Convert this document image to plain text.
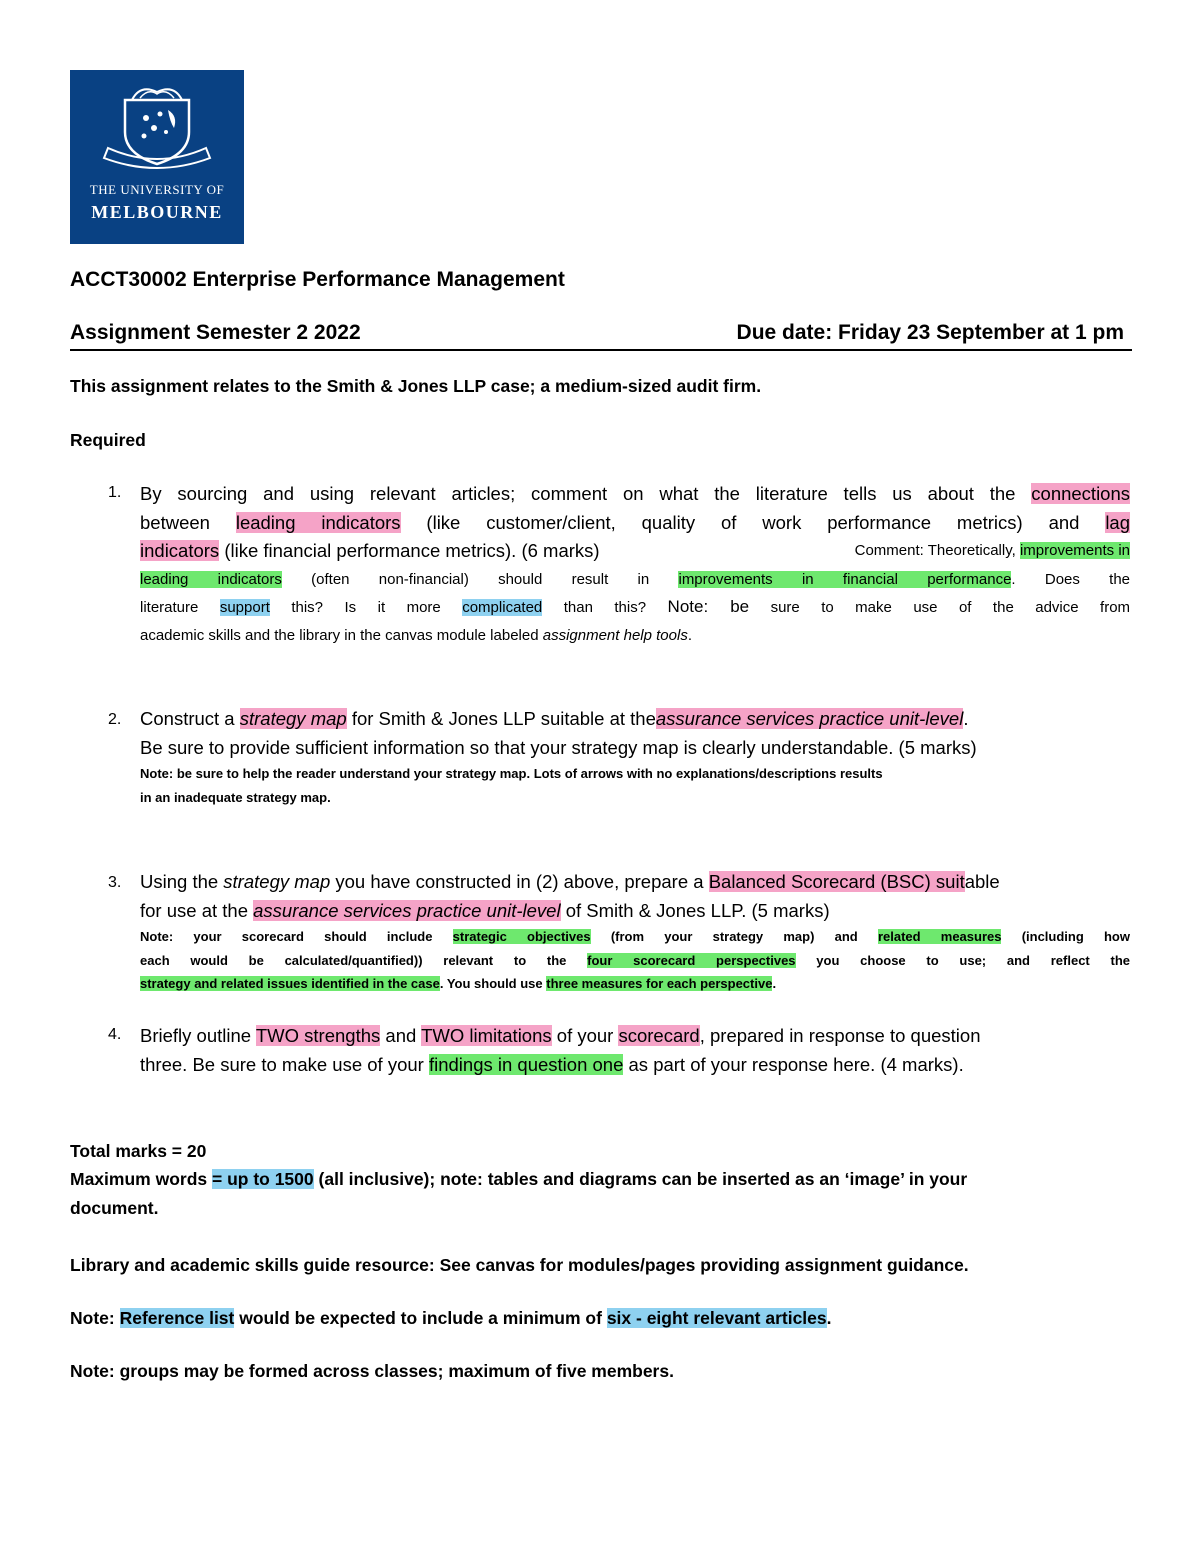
THE UNIVERSITY OF
MELBOURNE
ACCT30002 Enterprise Performance Management
Assignment Semester 2 2022	Due date: Friday 23 September at 1 pm
This assignment relates to the Smith & Jones LLP case; a medium-sized audit firm.
Required
1. By sourcing and using relevant articles; comment on what the literature tells us about the connections
between leading indicators (like customer/client, quality of work performance metrics) and lag
indicators (like financial performance metrics). (6 marks)	Comment: Theoretically, improvements in
leading indicators (often non-financial) should result in improvements in financial performance. Does the
literature support this? Is it more complicated than this? Note: be sure to make use of the advice from
academic skills and the library in the canvas module labeled assignment help tools.
2. Construct a strategy map for Smith & Jones LLP suitable at theassurance services practice unit-level.
Be sure to provide sufficient information so that your strategy map is clearly understandable. (5 marks)
Note: be sure to help the reader understand your strategy map. Lots of arrows with no explanations/descriptions results
in an inadequate strategy map.
3. Using the strategy map you have constructed in (2) above, prepare a Balanced Scorecard (BSC) suitable
for use at the assurance services practice unit-level of Smith & Jones LLP. (5 marks)
Note: your scorecard should include strategic objectives (from your strategy map) and related measures (including how
each would be calculated/quantified)) relevant to the four scorecard perspectives you choose to use; and reflect the
strategy and related issues identified in the case. You should use three measures for each perspective.
4. Briefly outline TWO strengths and TWO limitations of your scorecard, prepared in response to question
three. Be sure to make use of your findings in question one as part of your response here. (4 marks).
Total marks = 20
Maximum words = up to 1500 (all inclusive); note: tables and diagrams can be inserted as an ‘image’ in your
document.
Library and academic skills guide resource: See canvas for modules/pages providing assignment guidance.
Note: Reference list would be expected to include a minimum of six - eight relevant articles.
Note: groups may be formed across classes; maximum of five members.
